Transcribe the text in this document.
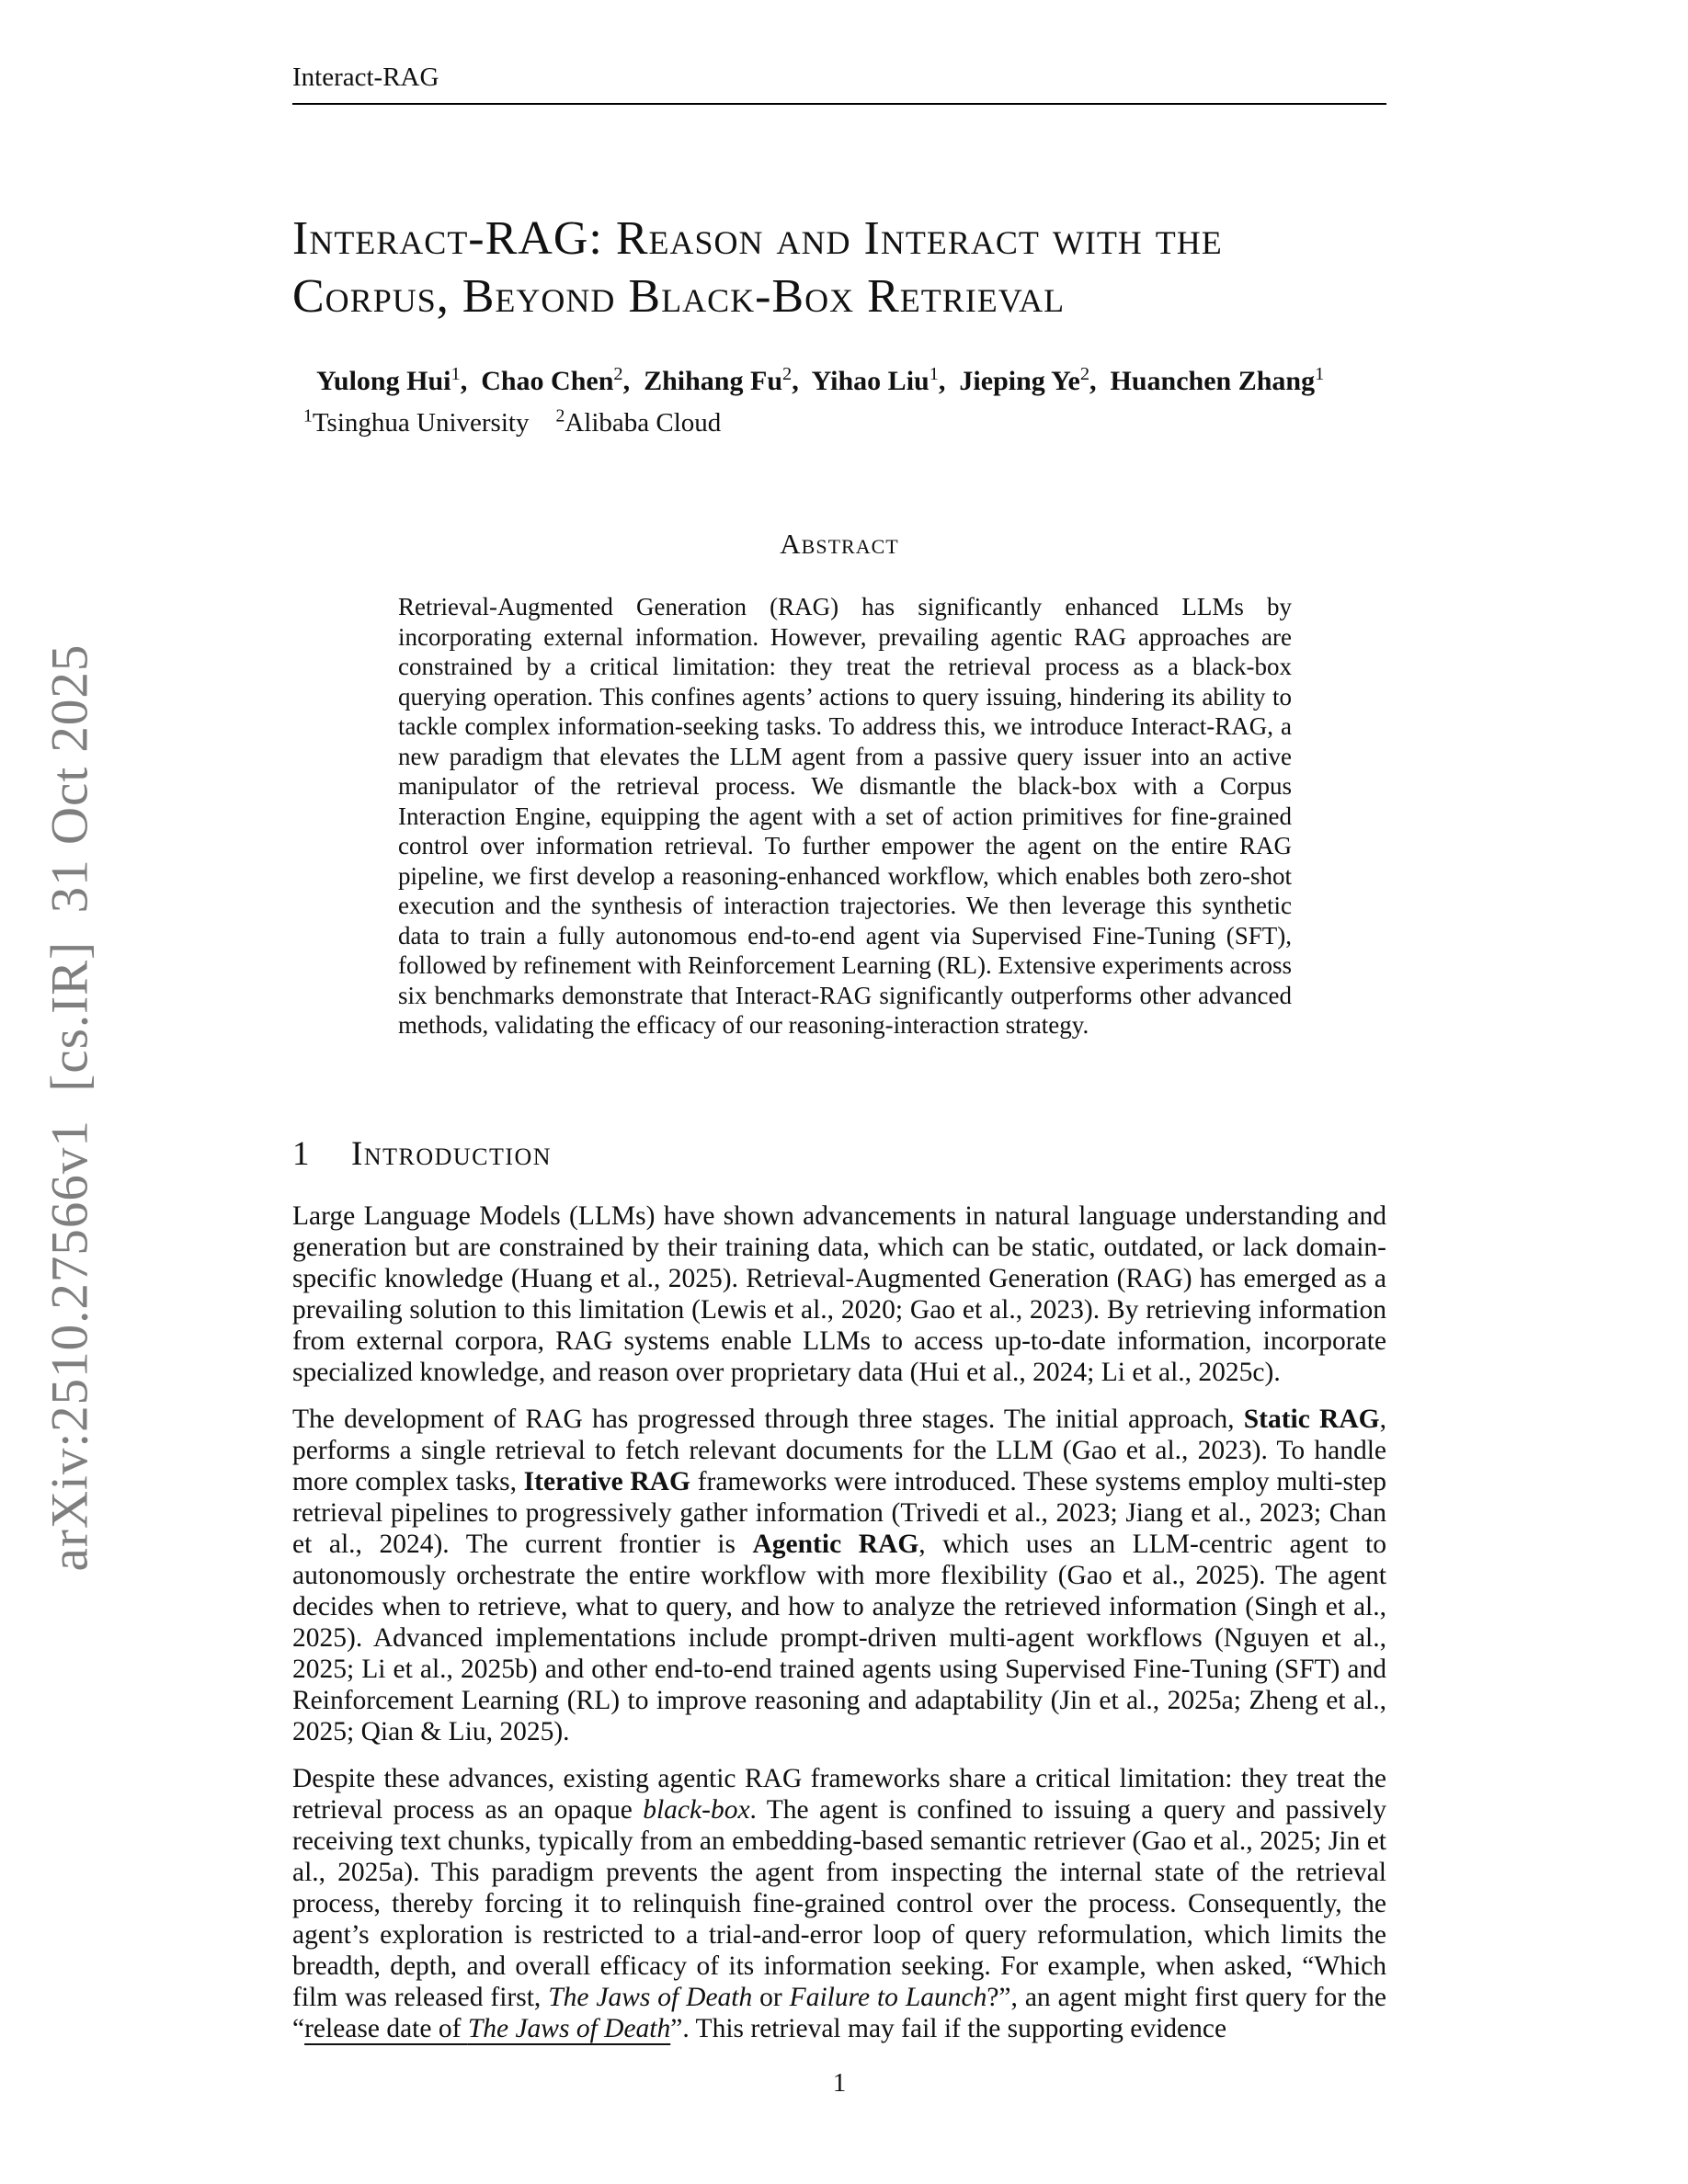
arXiv:2510.27566v1  [cs.IR]  31 Oct 2025
Interact-RAG
Interact-RAG: Reason and Interact with the
Corpus, Beyond Black-Box Retrieval
Yulong Hui$^1$,  Chao Chen$^2$,  Zhihang Fu$^2$,  Yihao Liu$^1$,  Jieping Ye$^2$,  Huanchen Zhang$^1$
$^1$Tsinghua University $^2$Alibaba Cloud
Abstract
Retrieval-Augmented Generation (RAG) has significantly enhanced LLMs by incorporating external information. However, prevailing agentic RAG approaches are constrained by a critical limitation: they treat the retrieval process as a black-box querying operation. This confines agents’ actions to query issuing, hindering its ability to tackle complex information-seeking tasks. To address this, we introduce Interact-RAG, a new paradigm that elevates the LLM agent from a passive query issuer into an active manipulator of the retrieval process. We dismantle the black-box with a Corpus Interaction Engine, equipping the agent with a set of action primitives for fine-grained control over information retrieval. To further empower the agent on the entire RAG pipeline, we first develop a reasoning-enhanced workflow, which enables both zero-shot execution and the synthesis of interaction trajectories. We then leverage this synthetic data to train a fully autonomous end-to-end agent via Supervised Fine-Tuning (SFT), followed by refinement with Reinforcement Learning (RL). Extensive experiments across six benchmarks demonstrate that Interact-RAG significantly outperforms other advanced methods, validating the efficacy of our reasoning-interaction strategy.
1 Introduction

Large Language Models (LLMs) have shown advancements in natural language understanding and generation but are constrained by their training data, which can be static, outdated, or lack domain-specific knowledge (Huang et al., 2025). Retrieval-Augmented Generation (RAG) has emerged as a prevailing solution to this limitation (Lewis et al., 2020; Gao et al., 2023). By retrieving information from external corpora, RAG systems enable LLMs to access up-to-date information, incorporate specialized knowledge, and reason over proprietary data (Hui et al., 2024; Li et al., 2025c).

The development of RAG has progressed through three stages. The initial approach, Static RAG, performs a single retrieval to fetch relevant documents for the LLM (Gao et al., 2023). To handle more complex tasks, Iterative RAG frameworks were introduced. These systems employ multi-step retrieval pipelines to progressively gather information (Trivedi et al., 2023; Jiang et al., 2023; Chan et al., 2024). The current frontier is Agentic RAG, which uses an LLM-centric agent to autonomously orchestrate the entire workflow with more flexibility (Gao et al., 2025). The agent decides when to retrieve, what to query, and how to analyze the retrieved information (Singh et al., 2025). Advanced implementations include prompt-driven multi-agent workflows (Nguyen et al., 2025; Li et al., 2025b) and other end-to-end trained agents using Supervised Fine-Tuning (SFT) and Reinforcement Learning (RL) to improve reasoning and adaptability (Jin et al., 2025a; Zheng et al., 2025; Qian & Liu, 2025).

Despite these advances, existing agentic RAG frameworks share a critical limitation: they treat the retrieval process as an opaque black-box. The agent is confined to issuing a query and passively receiving text chunks, typically from an embedding-based semantic retriever (Gao et al., 2025; Jin et al., 2025a). This paradigm prevents the agent from inspecting the internal state of the retrieval process, thereby forcing it to relinquish fine-grained control over the process. Consequently, the agent’s exploration is restricted to a trial-and-error loop of query reformulation, which limits the breadth, depth, and overall efficacy of its information seeking. For example, when asked, “Which film was released first, The Jaws of Death or Failure to Launch?”, an agent might first query for the “release date of The Jaws of Death”. This retrieval may fail if the supporting evidence

1
